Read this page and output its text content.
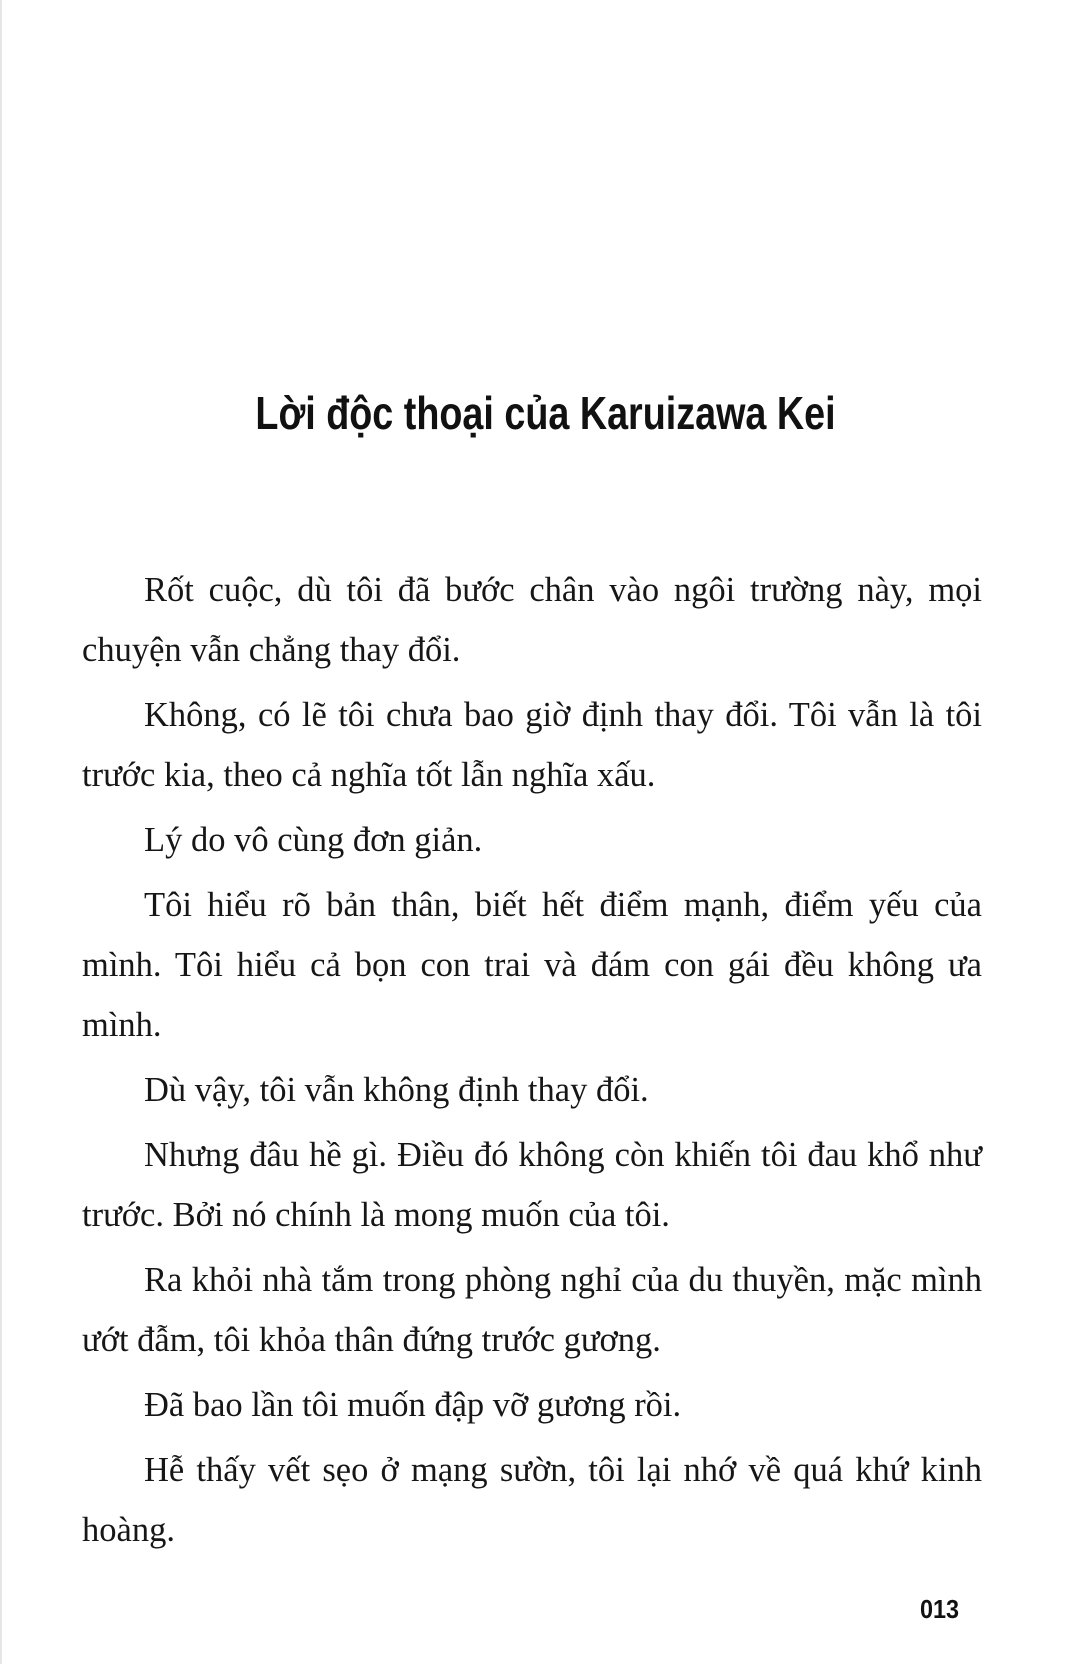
Lời độc thoại của Karuizawa Kei

Rốt cuộc, dù tôi đã bước chân vào ngôi trường này, mọi chuyện vẫn chẳng thay đổi.

Không, có lẽ tôi chưa bao giờ định thay đổi. Tôi vẫn là tôi trước kia, theo cả nghĩa tốt lẫn nghĩa xấu.

Lý do vô cùng đơn giản.

Tôi hiểu rõ bản thân, biết hết điểm mạnh, điểm yếu của mình. Tôi hiểu cả bọn con trai và đám con gái đều không ưa mình.

Dù vậy, tôi vẫn không định thay đổi.

Nhưng đâu hề gì. Điều đó không còn khiến tôi đau khổ như trước. Bởi nó chính là mong muốn của tôi.

Ra khỏi nhà tắm trong phòng nghỉ của du thuyền, mặc mình ướt đẫm, tôi khỏa thân đứng trước gương.

Đã bao lần tôi muốn đập vỡ gương rồi.

Hễ thấy vết sẹo ở mạng sườn, tôi lại nhớ về quá khứ kinh hoàng.

013
